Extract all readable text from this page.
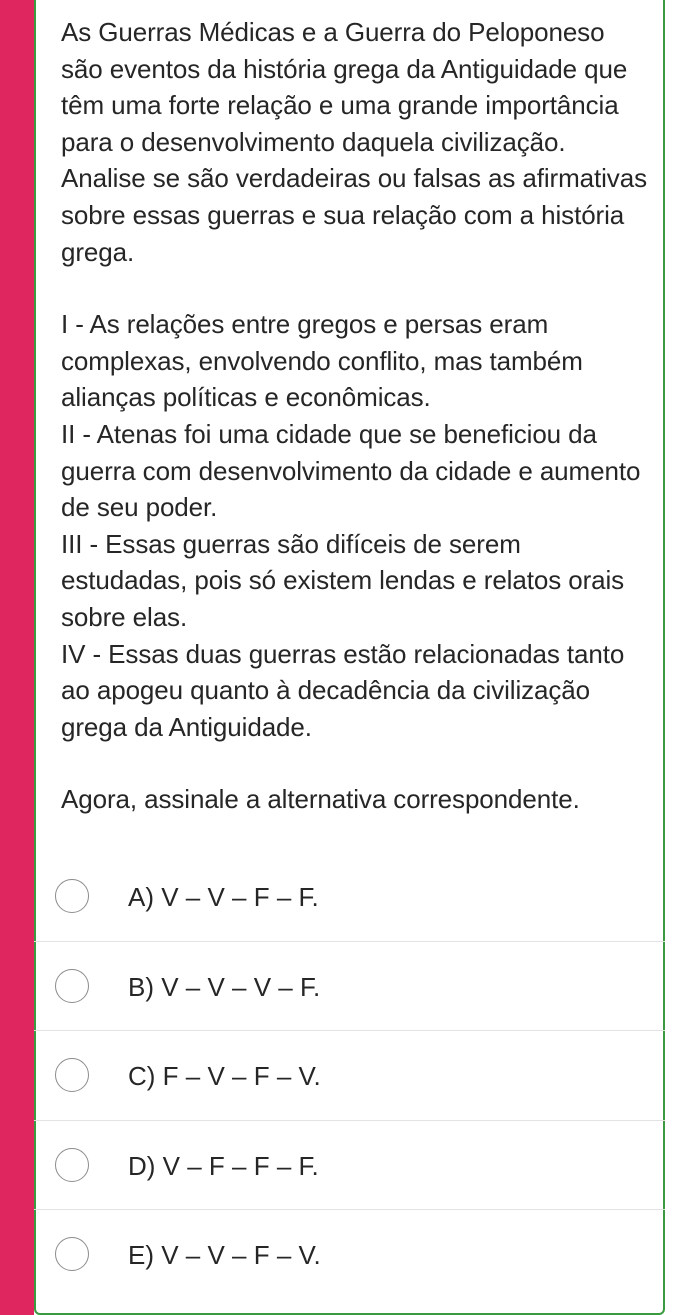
As Guerras Médicas e a Guerra do Peloponeso são eventos da história grega da Antiguidade que têm uma forte relação e uma grande importância para o desenvolvimento daquela civilização. Analise se são verdadeiras ou falsas as afirmativas sobre essas guerras e sua relação com a história grega.

I - As relações entre gregos e persas eram complexas, envolvendo conflito, mas também alianças políticas e econômicas.

II - Atenas foi uma cidade que se beneficiou da guerra com desenvolvimento da cidade e aumento de seu poder.

III - Essas guerras são difíceis de serem estudadas, pois só existem lendas e relatos orais sobre elas.

IV - Essas duas guerras estão relacionadas tanto ao apogeu quanto à decadência da civilização grega da Antiguidade.

Agora, assinale a alternativa correspondente.

A) V – V – F – F.
B) V – V – V – F.
C) F – V – F – V.
D) V – F – F – F.
E) V – V – F – V.
